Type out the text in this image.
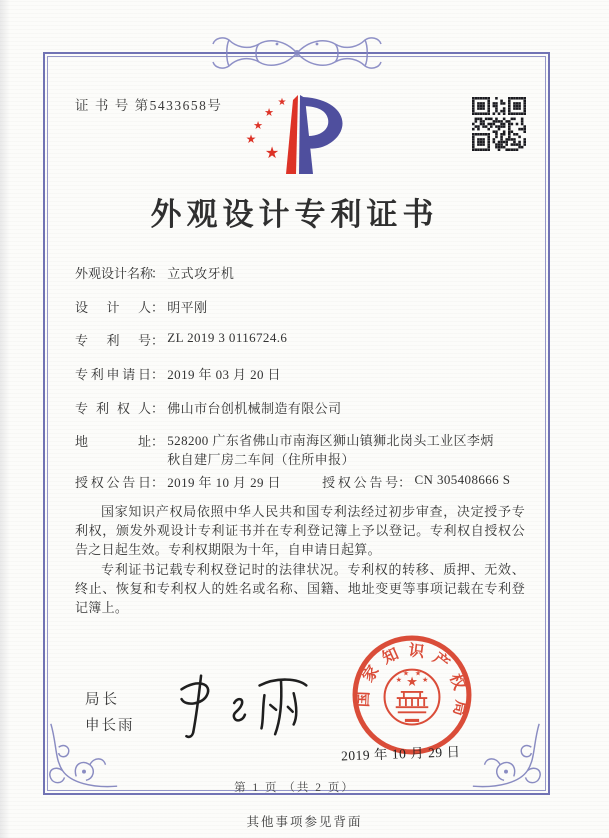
证 书 号 第5433658号	★
★
★
★
★
外观设计专利证书
外观设计名称： 立式攻牙机
设计人： 明平刚
专利号： ZL 2019 3 0116724.6
专利申请日： 2019 年 03 月 20 日
专利权人： 佛山市台创机械制造有限公司
地址： 528200 广东省佛山市南海区狮山镇狮北岗头工业区李炳
秋自建厂房二车间（住所申报）
授权公告日： 2019 年 10 月 29 日	授权公告号： CN 305408666 S

国家知识产权局依照中华人民共和国专利法经过初步审查，决定授予专利权，颁发外观设计专利证书并在专利登记簿上予以登记。专利权自授权公告之日起生效。专利权期限为十年，自申请日起算。

专利证书记载专利权登记时的法律状况。专利权的转移、质押、无效、终止、恢复和专利权人的姓名或名称、国籍、地址变更等事项记载在专利登记簿上。

局长
申长雨
★
★
★ ★
★
国家知识产权局
2019 年 10 月 29 日
第 1 页 （共 2 页）
其他事项参见背面
